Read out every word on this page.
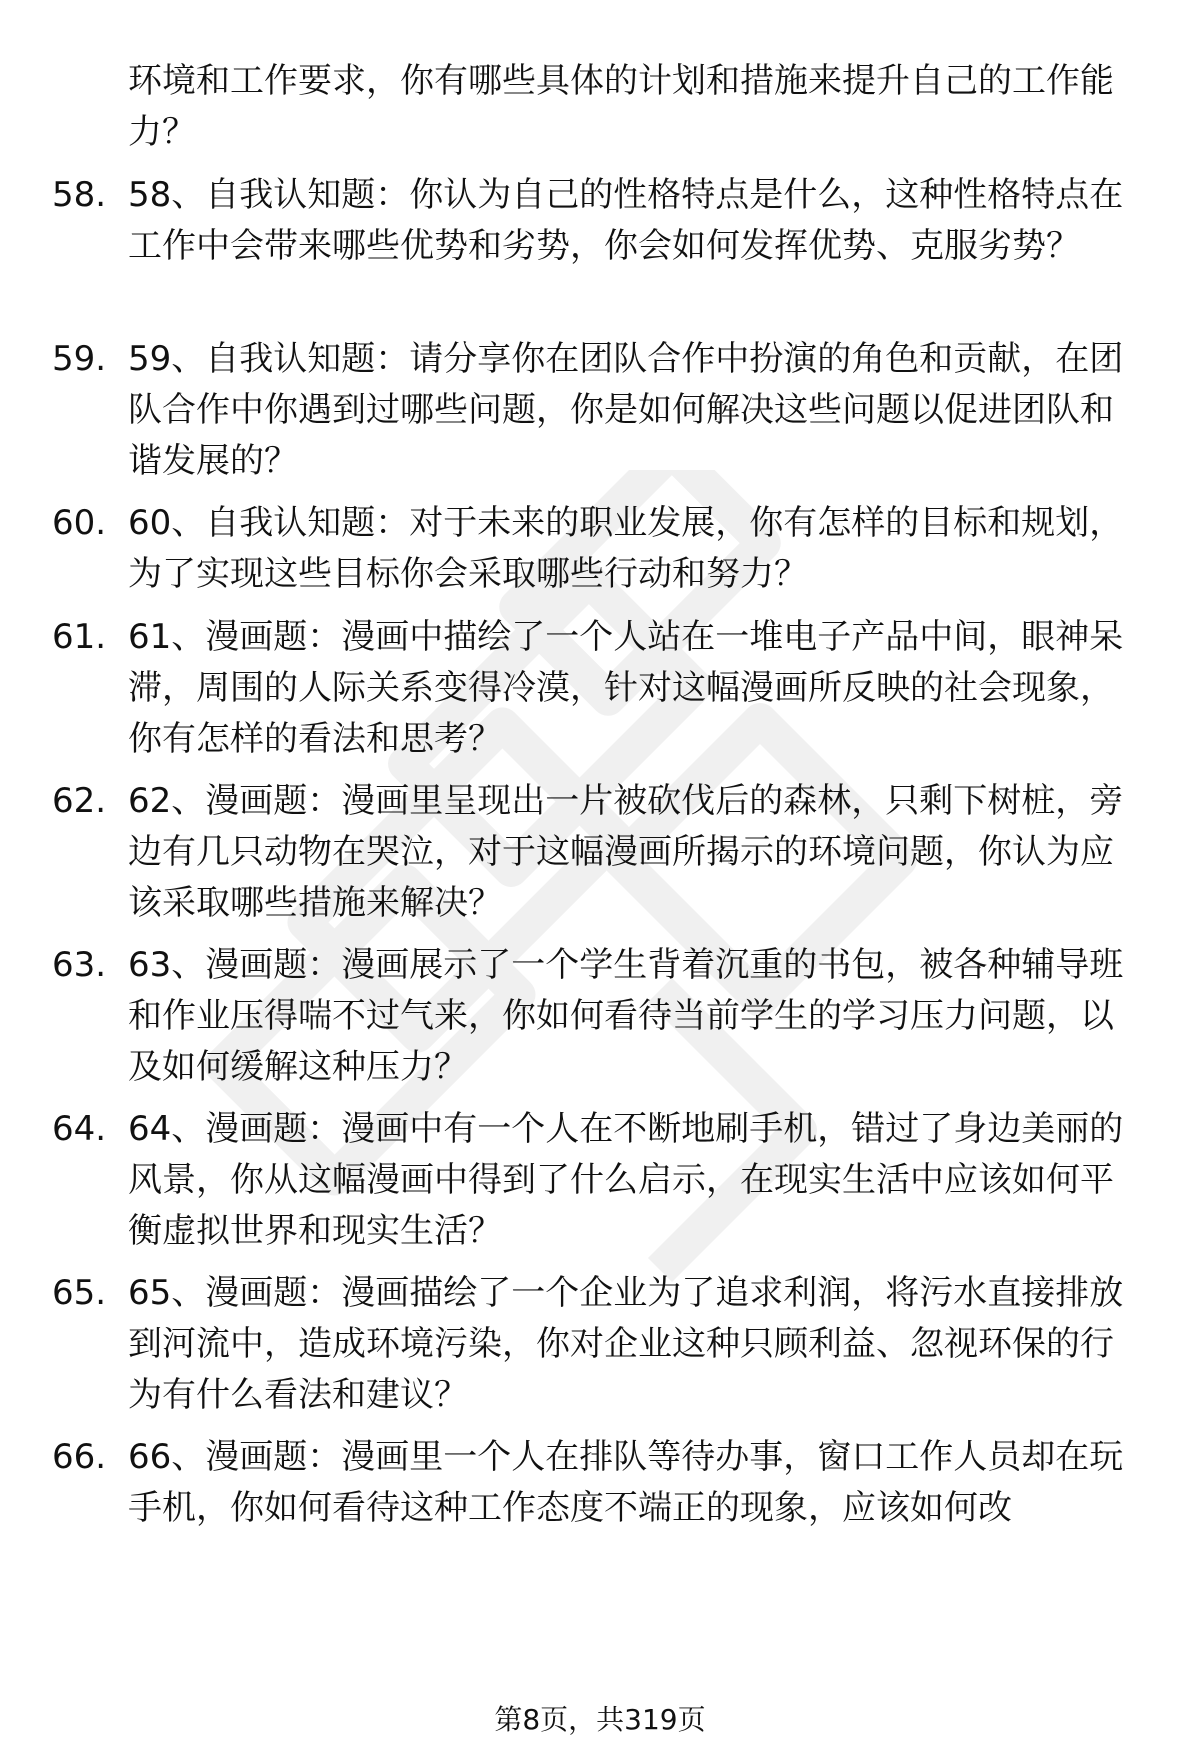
环境和工作要求，你有哪些具体的计划和措施来提升自己的工作能力？
58. 58、自我认知题：你认为自己的性格特点是什么，这种性格特点在工作中会带来哪些优势和劣势，你会如何发挥优势、克服劣势？
59. 59、自我认知题：请分享你在团队合作中扮演的角色和贡献，在团队合作中你遇到过哪些问题，你是如何解决这些问题以促进团队和谐发展的？
60. 60、自我认知题：对于未来的职业发展，你有怎样的目标和规划，为了实现这些目标你会采取哪些行动和努力？
61. 61、漫画题：漫画中描绘了一个人站在一堆电子产品中间，眼神呆滞，周围的人际关系变得冷漠，针对这幅漫画所反映的社会现象，你有怎样的看法和思考？
62. 62、漫画题：漫画里呈现出一片被砍伐后的森林，只剩下树桩，旁边有几只动物在哭泣，对于这幅漫画所揭示的环境问题，你认为应该采取哪些措施来解决？
63. 63、漫画题：漫画展示了一个学生背着沉重的书包，被各种辅导班和作业压得喘不过气来，你如何看待当前学生的学习压力问题，以及如何缓解这种压力？
64. 64、漫画题：漫画中有一个人在不断地刷手机，错过了身边美丽的风景，你从这幅漫画中得到了什么启示，在现实生活中应该如何平衡虚拟世界和现实生活？
65. 65、漫画题：漫画描绘了一个企业为了追求利润，将污水直接排放到河流中，造成环境污染，你对企业这种只顾利益、忽视环保的行为有什么看法和建议？
66. 66、漫画题：漫画里一个人在排队等待办事，窗口工作人员却在玩手机，你如何看待这种工作态度不端正的现象，应该如何改
第8页，共319页
